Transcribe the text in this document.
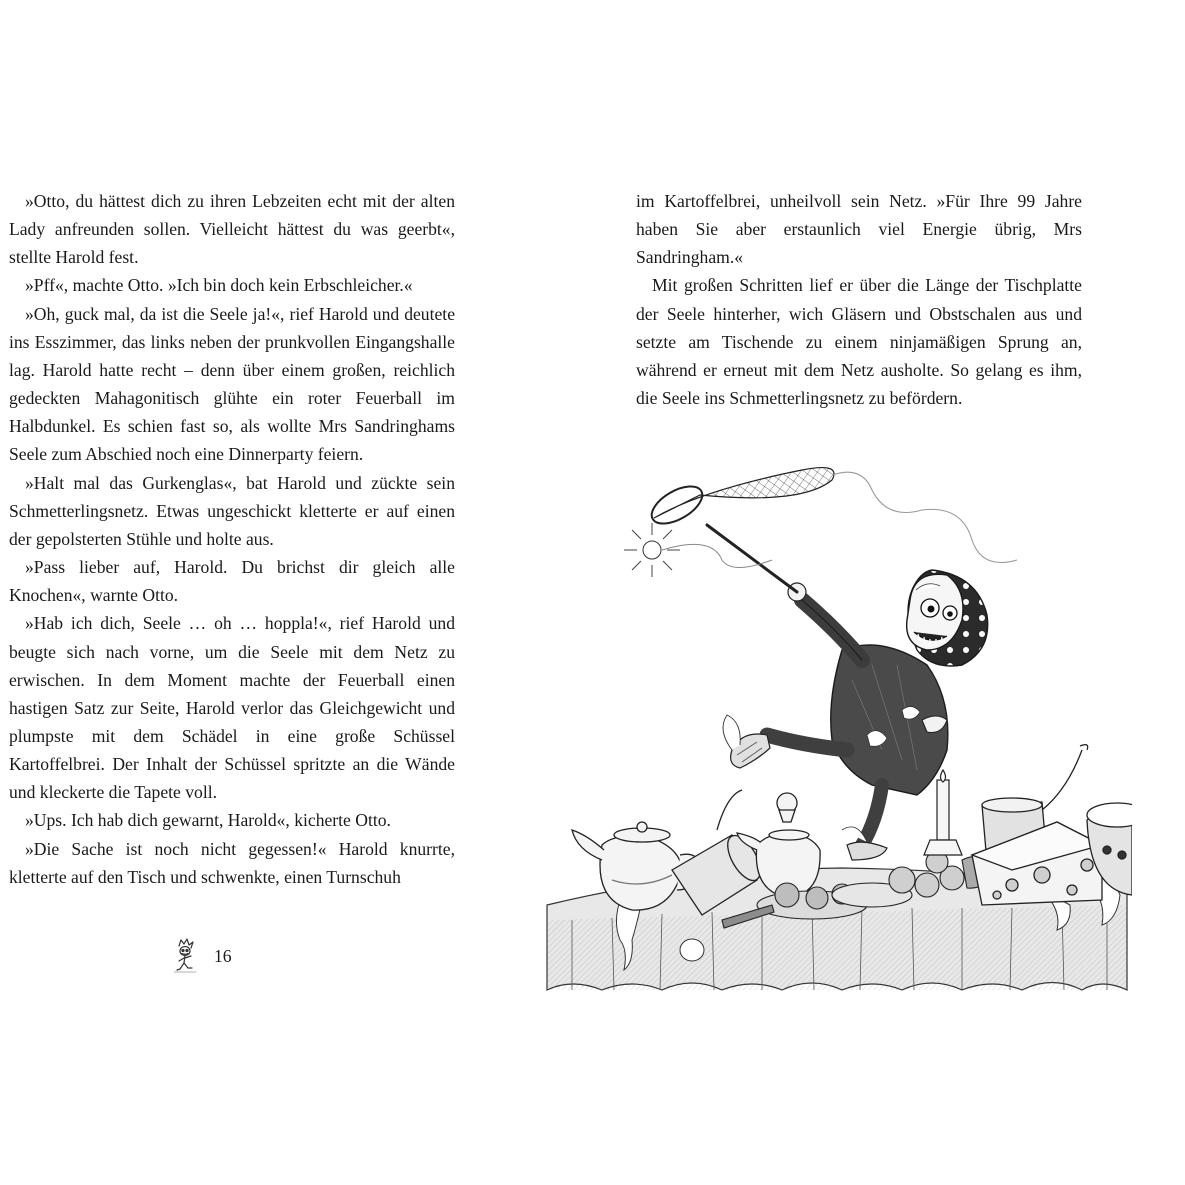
»Otto, du hättest dich zu ihren Lebzeiten echt mit der alten Lady anfreunden sollen. Vielleicht hättest du was geerbt«, stellte Harold fest.

»Pff«, machte Otto. »Ich bin doch kein Erbschleicher.«

»Oh, guck mal, da ist die Seele ja!«, rief Harold und deutete ins Esszimmer, das links neben der prunkvollen Eingangshalle lag. Harold hatte recht – denn über einem großen, reichlich gedeckten Mahagonitisch glühte ein roter Feuerball im Halbdunkel. Es schien fast so, als wollte Mrs Sandringhams Seele zum Abschied noch eine Dinnerparty feiern.

»Halt mal das Gurkenglas«, bat Harold und zückte sein Schmetterlingsnetz. Etwas ungeschickt kletterte er auf einen der gepolsterten Stühle und holte aus.

»Pass lieber auf, Harold. Du brichst dir gleich alle Knochen«, warnte Otto.

»Hab ich dich, Seele … oh … hoppla!«, rief Harold und beugte sich nach vorne, um die Seele mit dem Netz zu erwischen. In dem Moment machte der Feuerball einen hastigen Satz zur Seite, Harold verlor das Gleichgewicht und plumpste mit dem Schädel in eine große Schüssel Kartoffelbrei. Der Inhalt der Schüssel spritzte an die Wände und kleckerte die Tapete voll.

»Ups. Ich hab dich gewarnt, Harold«, kicherte Otto.

»Die Sache ist noch nicht gegessen!« Harold knurrte, kletterte auf den Tisch und schwenkte, einen Turnschuh

16

im Kartoffelbrei, unheilvoll sein Netz. »Für Ihre 99 Jahre haben Sie aber erstaunlich viel Energie übrig, Mrs Sandringham.«

Mit großen Schritten lief er über die Länge der Tischplatte der Seele hinterher, wich Gläsern und Obstschalen aus und setzte am Tischende zu einem ninjamäßigen Sprung an, während er erneut mit dem Netz ausholte. So gelang es ihm, die Seele ins Schmetterlingsnetz zu befördern.
